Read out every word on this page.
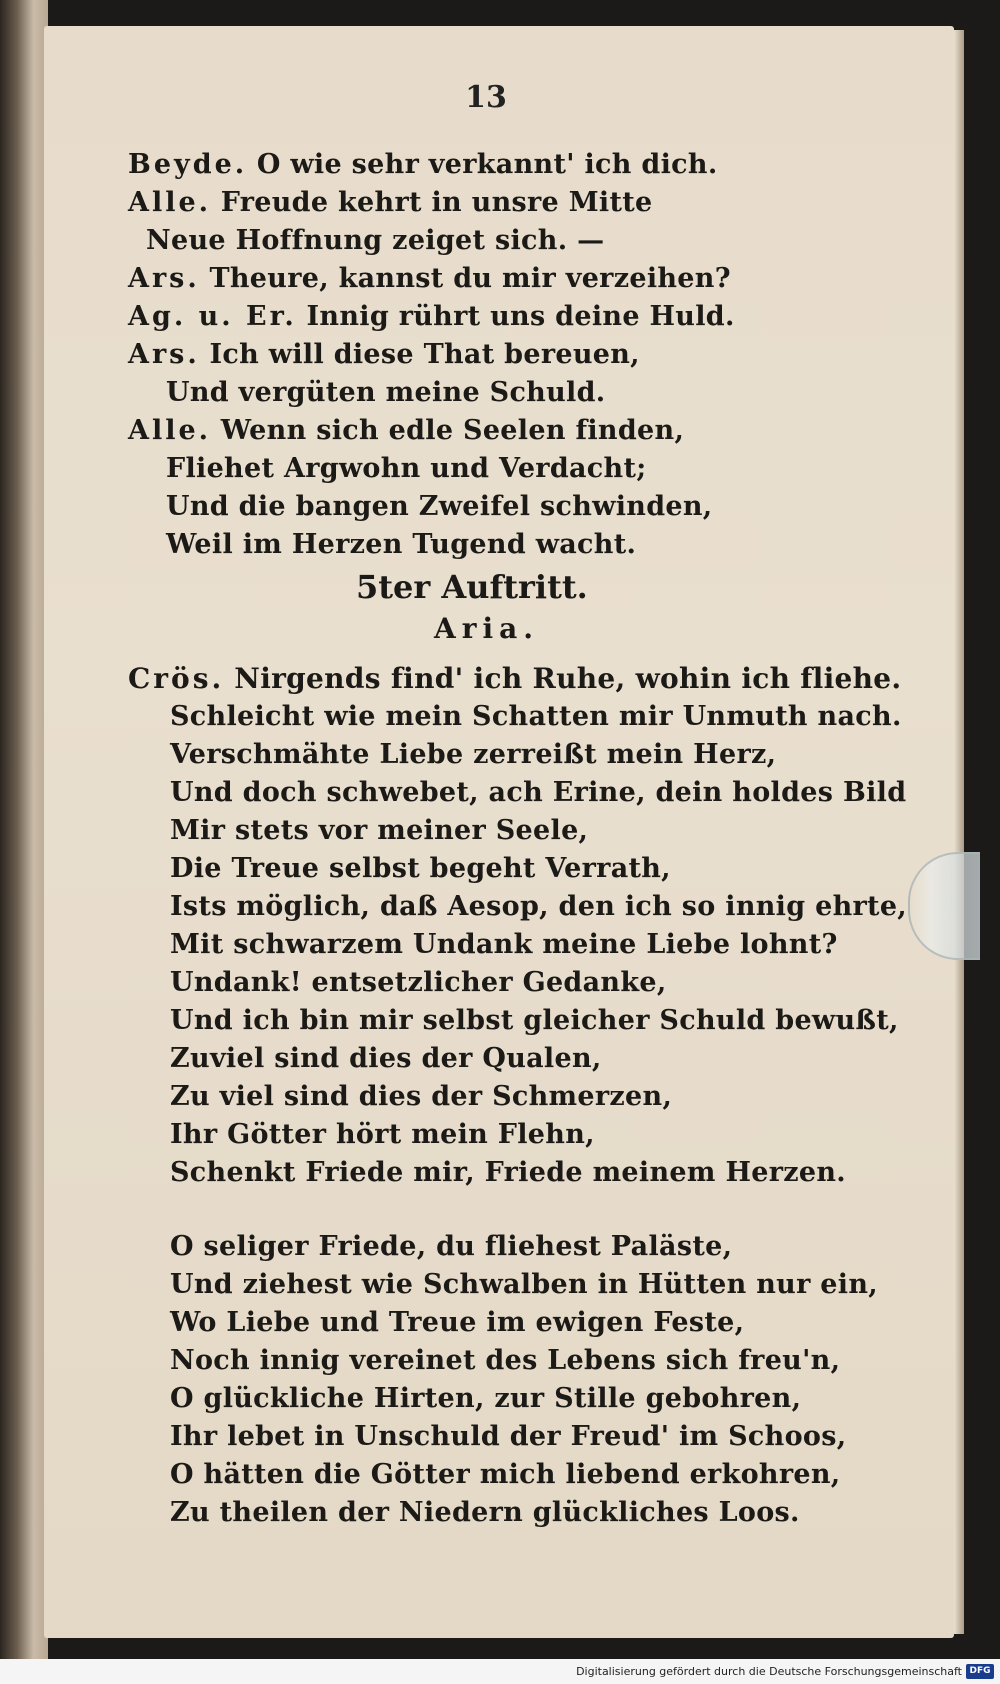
13
Beyde. O wie sehr verkannt' ich dich.
Alle. Freude kehrt in unsre Mitte
Neue Hoffnung zeiget sich. —
Ars. Theure, kannst du mir verzeihen?
Ag. u. Er. Innig rührt uns deine Huld.
Ars. Ich will diese That bereuen,
Und vergüten meine Schuld.
Alle. Wenn sich edle Seelen finden,
Fliehet Argwohn und Verdacht;
Und die bangen Zweifel schwinden,
Weil im Herzen Tugend wacht.
5ter Auftritt.
Aria.
Crös. Nirgends find' ich Ruhe, wohin ich fliehe.
Schleicht wie mein Schatten mir Unmuth nach.
Verschmähte Liebe zerreißt mein Herz,
Und doch schwebet, ach Erine, dein holdes Bild
Mir stets vor meiner Seele,
Die Treue selbst begeht Verrath,
Ists möglich, daß Aesop, den ich so innig ehrte,
Mit schwarzem Undank meine Liebe lohnt?
Undank! entsetzlicher Gedanke,
Und ich bin mir selbst gleicher Schuld bewußt,
Zuviel sind dies der Qualen,
Zu viel sind dies der Schmerzen,
Ihr Götter hört mein Flehn,
Schenkt Friede mir, Friede meinem Herzen.
O seliger Friede, du fliehest Paläste,
Und ziehest wie Schwalben in Hütten nur ein,
Wo Liebe und Treue im ewigen Feste,
Noch innig vereinet des Lebens sich freu'n,
O glückliche Hirten, zur Stille gebohren,
Ihr lebet in Unschuld der Freud' im Schoos,
O hätten die Götter mich liebend erkohren,
Zu theilen der Niedern glückliches Loos.
Digitalisierung gefördert durch die Deutsche Forschungsgemeinschaft DFG
